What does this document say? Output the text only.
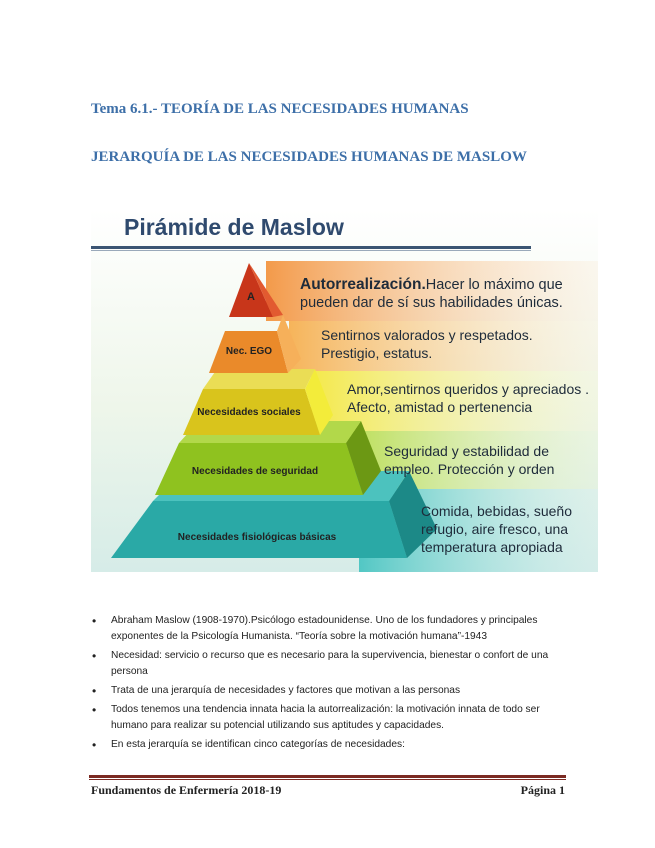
Tema 6.1.- TEORÍA DE LAS NECESIDADES HUMANAS
JERARQUÍA DE LAS NECESIDADES HUMANAS DE MASLOW
Pirámide de Maslow
A
Nec. EGO
Necesidades sociales
Necesidades de seguridad
Necesidades fisiológicas básicas
Autorrealización.Hacer lo máximo que
pueden dar de sí sus habilidades únicas.
Sentirnos valorados y respetados.
Prestigio, estatus.
Amor,sentirnos queridos y apreciados .
Afecto, amistad o pertenencia
Seguridad y estabilidad de
empleo. Protección y orden
Comida, bebidas, sueño
refugio, aire fresco, una
temperatura apropiada
• Abraham Maslow (1908-1970).Psicólogo estadounidense. Uno de los fundadores y principales exponentes de la Psicología Humanista. “Teoría sobre la motivación humana”-1943
• Necesidad: servicio o recurso que es necesario para la supervivencia, bienestar o confort de una persona
• Trata de una jerarquía de necesidades y factores que motivan a las personas
• Todos tenemos una tendencia innata hacia la autorrealización: la motivación innata de todo ser humano para realizar su potencial utilizando sus aptitudes y capacidades.
• En esta jerarquía se identifican cinco categorías de necesidades:
Fundamentos de Enfermería 2018-19	Página 1
